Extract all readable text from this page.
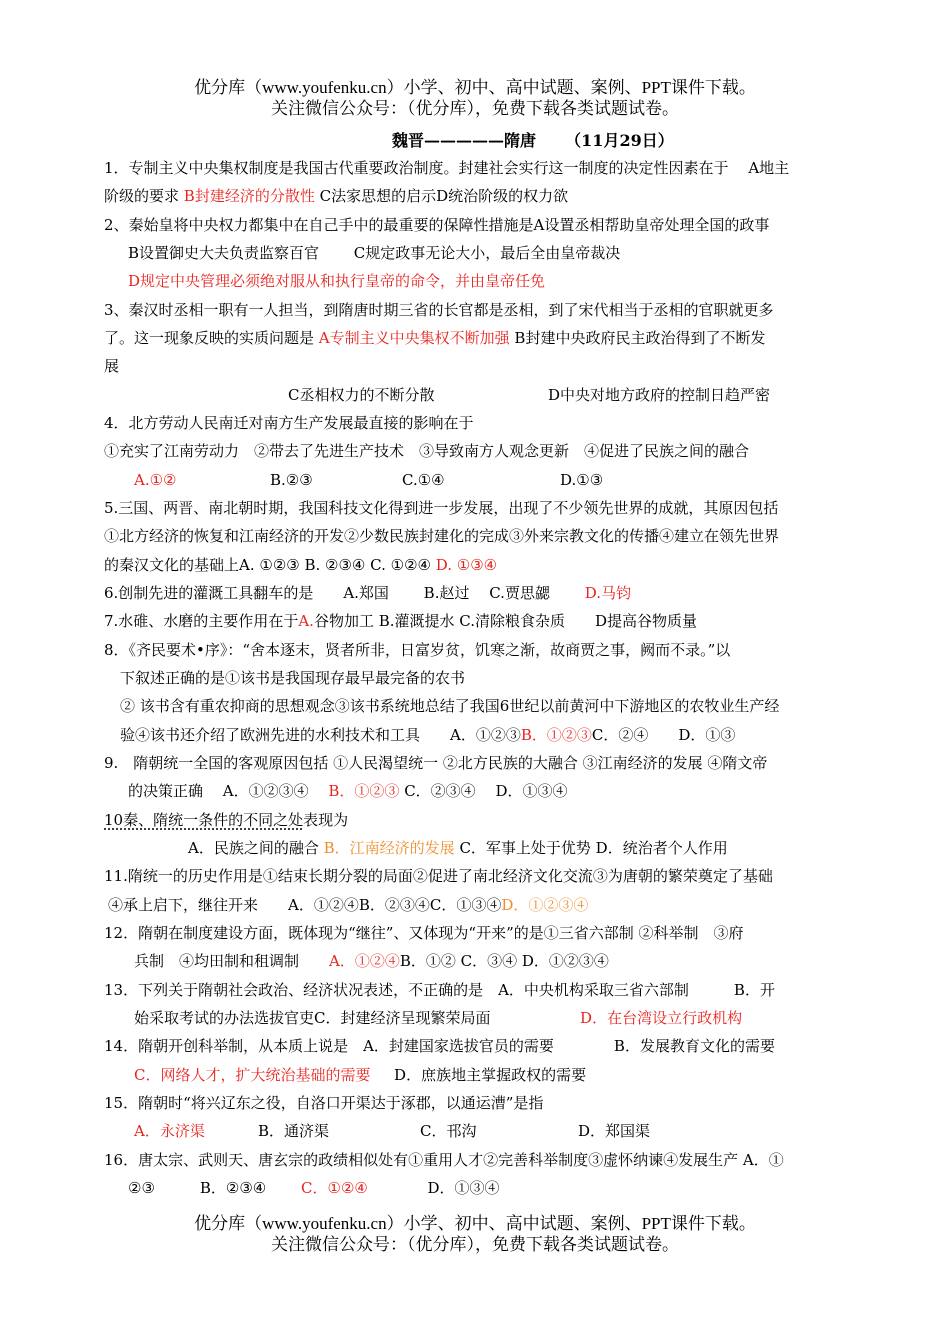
优分库（www.youfenku.cn）小学、初中、高中试题、案例、PPT课件下载。
关注微信公众号：（优分库），免费下载各类试题试卷。
魏晋—————隋唐 （11月29日）
1．专制主义中央集权制度是我国古代重要政治制度。封建社会实行这一制度的决定性因素在于　 A地主
阶级的要求 B封建经济的分散性 C法家思想的启示D统治阶级的权力欲
2、秦始皇将中央权力都集中在自己手中的最重要的保障性措施是A设置丞相帮助皇帝处理全国的政事
B设置御史大夫负责监察百官　　 C规定政事无论大小，最后全由皇帝裁决
D规定中央管理必须绝对服从和执行皇帝的命令，并由皇帝任免
3、秦汉时丞相一职有一人担当，到隋唐时期三省的长官都是丞相，到了宋代相当于丞相的官职就更多
了。这一现象反映的实质问题是 A专制主义中央集权不断加强 B封建中央政府民主政治得到了不断发
展
C丞相权力的不断分散	D中央对地方政府的控制日趋严密
4．北方劳动人民南迁对南方生产发展最直接的影响在于
①充实了江南劳动力　②带去了先进生产技术　③导致南方人观念更新　④促进了民族之间的融合
A.①②	B.②③	C.①④	D.①③
5.三国、两晋、南北朝时期，我国科技文化得到进一步发展，出现了不少领先世界的成就，其原因包括
①北方经济的恢复和江南经济的开发②少数民族封建化的完成③外来宗教文化的传播④建立在领先世界
的秦汉文化的基础上A. ①②③ B. ②③④ C. ①②④ D. ①③④
6.创制先进的灌溉工具翻车的是　　A.郑国　　 B.赵过　 C.贾思勰　　 D.马钧
7.水碓、水磨的主要作用在于A.谷物加工 B.灌溉提水 C.清除粮食杂质　　D提高谷物质量
8．《齐民要术•序》：“舍本逐末，贤者所非，日富岁贫，饥寒之渐，故商贾之事，阙而不录。”以
下叙述正确的是①该书是我国现存最早最完备的农书
② 该书含有重农抑商的思想观念③该书系统地总结了我国6世纪以前黄河中下游地区的农牧业生产经
验④该书还介绍了欧洲先进的水利技术和工具　　A．①②③B．①②③C．②④　　D．①③
9.　隋朝统一全国的客观原因包括 ①人民渴望统一 ②北方民族的大融合 ③江南经济的发展 ④隋文帝
的决策正确　 A．①②③④　 B．①②③ C．②③④　 D．①③④
10秦、隋统一条件的不同之处表现为
A．民族之间的融合 B．江南经济的发展 C．军事上处于优势 D．统治者个人作用
11.隋统一的历史作用是①结束长期分裂的局面②促进了南北经济文化交流③为唐朝的繁荣奠定了基础
④承上启下，继往开来　　A．①②④B．②③④C．①③④D．①②③④
12．隋朝在制度建设方面，既体现为“继往”、又体现为“开来”的是①三省六部制 ②科举制　③府
兵制　④均田制和租调制　　A．①②④B．①② C．③④ D．①②③④
13．下列关于隋朝社会政治、经济状况表述，不正确的是　A．中央机构采取三省六部制　　　B．开
始采取考试的办法选拔官吏C．封建经济呈现繁荣局面	D．在台湾设立行政机构
14．隋朝开创科举制，从本质上说是　A．封建国家选拔官员的需要　　　　B．发展教育文化的需要
C．网络人才，扩大统治基础的需要 D．庶族地主掌握政权的需要
15．隋朝时“将兴辽东之役，自洛口开渠达于涿郡，以通运漕”是指
A．永济渠	B．通济渠	C．邗沟	D．郑国渠
16．唐太宗、武则天、唐玄宗的政绩相似处有①重用人才②完善科举制度③虚怀纳谏④发展生产 A．①
②③　　　B．②③④　　 C．①②④	D．①③④
优分库（www.youfenku.cn）小学、初中、高中试题、案例、PPT课件下载。
关注微信公众号：（优分库），免费下载各类试题试卷。
